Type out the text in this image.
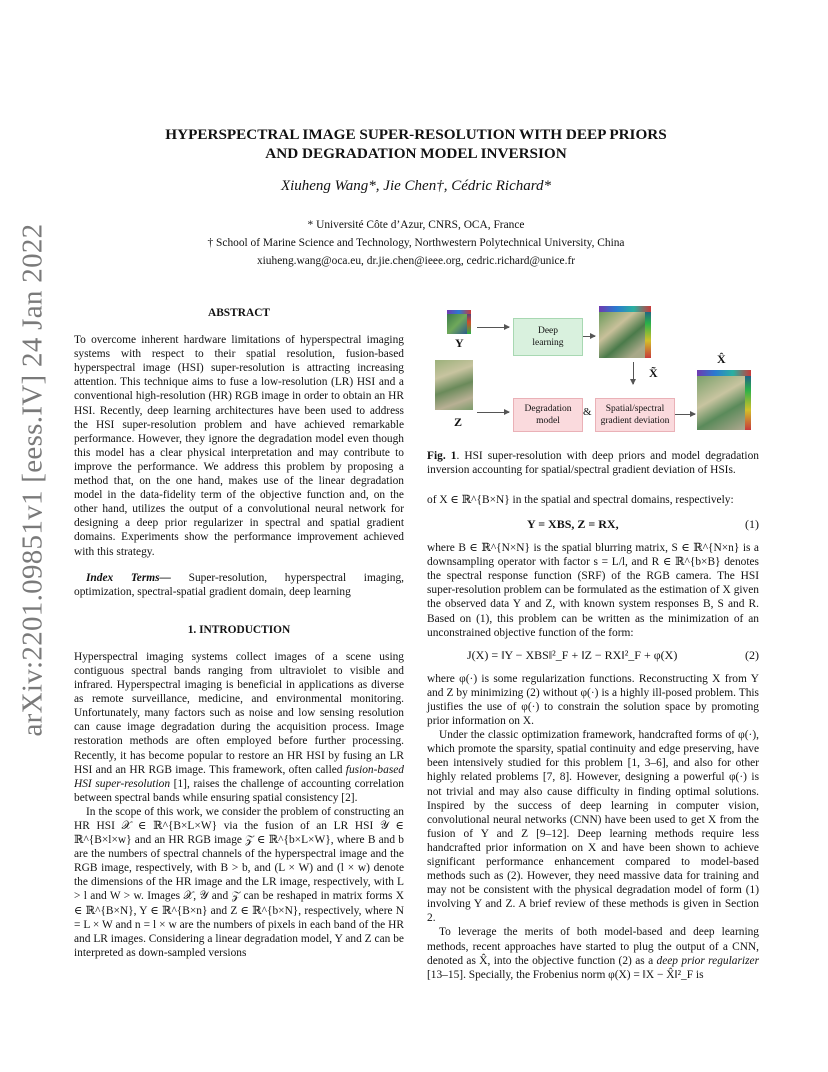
arXiv:2201.09851v1 [eess.IV] 24 Jan 2022
HYPERSPECTRAL IMAGE SUPER-RESOLUTION WITH DEEP PRIORS
AND DEGRADATION MODEL INVERSION
Xiuheng Wang*, Jie Chen†, Cédric Richard*
* Université Côte d’Azur, CNRS, OCA, France
† School of Marine Science and Technology, Northwestern Polytechnical University, China
xiuheng.wang@oca.eu, dr.jie.chen@ieee.org, cedric.richard@unice.fr
ABSTRACT

To overcome inherent hardware limitations of hyperspectral imaging systems with respect to their spatial resolution, fusion-based hyperspectral image (HSI) super-resolution is attracting increasing attention. This technique aims to fuse a low-resolution (LR) HSI and a conventional high-resolution (HR) RGB image in order to obtain an HR HSI. Recently, deep learning architectures have been used to address the HSI super-resolution problem and have achieved remarkable performance. However, they ignore the degradation model even though this model has a clear physical interpretation and may contribute to improve the performance. We address this problem by proposing a method that, on the one hand, makes use of the linear degradation model in the data-fidelity term of the objective function and, on the other hand, utilizes the output of a convolutional neural network for designing a deep prior regularizer in spectral and spatial gradient domains. Experiments show the performance improvement achieved with this strategy.

Index Terms— Super-resolution, hyperspectral imaging, optimization, spectral-spatial gradient domain, deep learning

1. INTRODUCTION

Hyperspectral imaging systems collect images of a scene using contiguous spectral bands ranging from ultraviolet to visible and infrared. Hyperspectral imaging is beneficial in applications as diverse as remote surveillance, medicine, and environmental monitoring. Unfortunately, many factors such as noise and low sensing resolution can cause image degradation during the acquisition process. Image restoration methods are often employed before further processing. Recently, it has become popular to restore an HR HSI by fusing an LR HSI and an HR RGB image. This framework, often called fusion-based HSI super-resolution [1], raises the challenge of accounting correlation between spectral bands while ensuring spatial consistency [2].

In the scope of this work, we consider the problem of constructing an HR HSI 𝒳 ∈ ℝ^{B×L×W} via the fusion of an LR HSI 𝒴 ∈ ℝ^{B×l×w} and an HR RGB image 𝒵 ∈ ℝ^{b×L×W}, where B and b are the numbers of spectral channels of the hyperspectral image and the RGB image, respectively, with B > b, and (L × W) and (l × w) denote the dimensions of the HR image and the LR image, respectively, with L > l and W > w. Images 𝒳, 𝒴 and 𝒵 can be reshaped in matrix forms X ∈ ℝ^{B×N}, Y ∈ ℝ^{B×n} and Z ∈ ℝ^{b×N}, respectively, where N = L × W and n = l × w are the numbers of pixels in each band of the HR and LR images. Considering a linear degradation model, Y and Z can be interpreted as down-sampled versions

Y
Z
Deep
learning
Degradation
model
&	Spatial/spectral
gradient deviation
X̃
X̂
Fig. 1. HSI super-resolution with deep priors and model degradation inversion accounting for spatial/spectral gradient deviation of HSIs.

of X ∈ ℝ^{B×N} in the spatial and spectral domains, respectively:

Y = XBS, Z = RX,	(1)

where B ∈ ℝ^{N×N} is the spatial blurring matrix, S ∈ ℝ^{N×n} is a downsampling operator with factor s = L/l, and R ∈ ℝ^{b×B} denotes the spectral response function (SRF) of the RGB camera. The HSI super-resolution problem can be formulated as the estimation of X given the observed data Y and Z, with known system responses B, S and R. Based on (1), this problem can be written as the minimization of an unconstrained objective function of the form:

J(X) = ‖Y − XBS‖²_F + ‖Z − RX‖²_F + φ(X)	(2)

where φ(·) is some regularization functions. Reconstructing X from Y and Z by minimizing (2) without φ(·) is a highly ill-posed problem. This justifies the use of φ(·) to constrain the solution space by promoting prior information on X.

Under the classic optimization framework, handcrafted forms of φ(·), which promote the sparsity, spatial continuity and edge preserving, have been intensively studied for this problem [1, 3–6], and also for other highly related problems [7, 8]. However, designing a powerful φ(·) is not trivial and may also cause difficulty in finding optimal solutions. Inspired by the success of deep learning in computer vision, convolutional neural networks (CNN) have been used to get X from the fusion of Y and Z [9–12]. Deep learning methods require less handcrafted prior information on X and have been shown to achieve significant performance enhancement compared to model-based methods such as (2). However, they need massive data for training and may not be consistent with the physical degradation model of form (1) involving Y and Z. A brief review of these methods is given in Section 2.

To leverage the merits of both model-based and deep learning methods, recent approaches have started to plug the output of a CNN, denoted as X̂, into the objective function (2) as a deep prior regularizer [13–15]. Specially, the Frobenius norm φ(X) = ‖X − X̂‖²_F is
